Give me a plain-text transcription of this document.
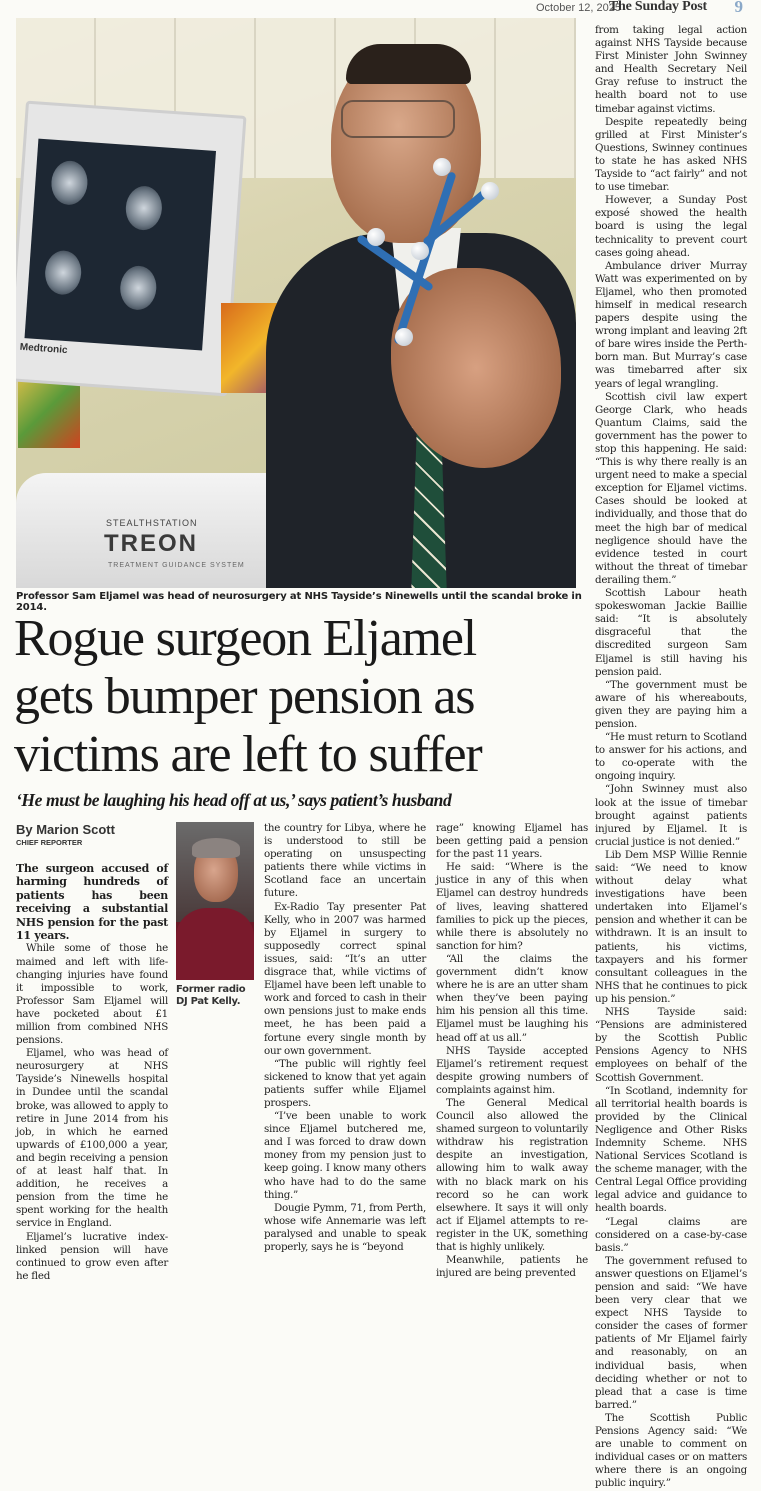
October 12, 2025
The Sunday Post 9
Medtronic
STEALTHSTATION
TREON
TREATMENT GUIDANCE SYSTEM
Professor Sam Eljamel was head of neurosurgery at NHS Tayside’s Ninewells until the scandal broke in 2014.
Rogue surgeon Eljamel
gets bumper pension as
victims are left to suffer
‘He must be laughing his head off at us,’ says patient’s husband
By Marion Scott
CHIEF REPORTER

The surgeon accused of harming hundreds of patients has been receiving a substantial NHS pension for the past 11 years.

While some of those he maimed and left with life-changing injuries have found it impossible to work, Professor Sam Eljamel will have pocketed about £1 million from combined NHS pensions.

Eljamel, who was head of neurosurgery at NHS Tayside’s Ninewells hospital in Dundee until the scandal broke, was allowed to apply to retire in June 2014 from his job, in which he earned upwards of £100,000 a year, and begin receiving a pension of at least half that. In addition, he receives a pension from the time he spent working for the health service in England.

Eljamel’s lucrative index-linked pension will have continued to grow even after he fled

Former radio DJ Pat Kelly.

the country for Libya, where he is understood to still be operating on unsuspecting patients there while victims in Scotland face an uncertain future.

Ex-Radio Tay presenter Pat Kelly, who in 2007 was harmed by Eljamel in surgery to supposedly correct spinal issues, said: “It’s an utter disgrace that, while victims of Eljamel have been left unable to work and forced to cash in their own pensions just to make ends meet, he has been paid a fortune every single month by our own government.

“The public will rightly feel sickened to know that yet again patients suffer while Eljamel prospers.

“I’ve been unable to work since Eljamel butchered me, and I was forced to draw down money from my pension just to keep going. I know many others who have had to do the same thing.”

Dougie Pymm, 71, from Perth, whose wife Annemarie was left paralysed and unable to speak properly, says he is “beyond

rage” knowing Eljamel has been getting paid a pension for the past 11 years.

He said: “Where is the justice in any of this when Eljamel can destroy hundreds of lives, leaving shattered families to pick up the pieces, while there is absolutely no sanction for him?

“All the claims the government didn’t know where he is are an utter sham when they’ve been paying him his pension all this time. Eljamel must be laughing his head off at us all.”

NHS Tayside accepted Eljamel’s retirement request despite growing numbers of complaints against him.

The General Medical Council also allowed the shamed surgeon to voluntarily withdraw his registration despite an investigation, allowing him to walk away with no black mark on his record so he can work elsewhere. It says it will only act if Eljamel attempts to re-register in the UK, something that is highly unlikely.

Meanwhile, patients he injured are being prevented

from taking legal action against NHS Tayside because First Minister John Swinney and Health Secretary Neil Gray refuse to instruct the health board not to use timebar against victims.

Despite repeatedly being grilled at First Minister’s Questions, Swinney continues to state he has asked NHS Tayside to “act fairly” and not to use timebar.

However, a Sunday Post exposé showed the health board is using the legal technicality to prevent court cases going ahead.

Ambulance driver Murray Watt was experimented on by Eljamel, who then promoted himself in medical research papers despite using the wrong implant and leaving 2ft of bare wires inside the Perth-born man. But Murray’s case was timebarred after six years of legal wrangling.

Scottish civil law expert George Clark, who heads Quantum Claims, said the government has the power to stop this happening. He said: “This is why there really is an urgent need to make a special exception for Eljamel victims. Cases should be looked at individually, and those that do meet the high bar of medical negligence should have the evidence tested in court without the threat of timebar derailing them.”

Scottish Labour heath spokeswoman Jackie Baillie said: “It is absolutely disgraceful that the discredited surgeon Sam Eljamel is still having his pension paid.

“The government must be aware of his whereabouts, given they are paying him a pension.

“He must return to Scotland to answer for his actions, and to co-operate with the ongoing inquiry.

“John Swinney must also look at the issue of timebar brought against patients injured by Eljamel. It is crucial justice is not denied.”

Lib Dem MSP Willie Rennie said: “We need to know without delay what investigations have been undertaken into Eljamel’s pension and whether it can be withdrawn. It is an insult to patients, his victims, taxpayers and his former consultant colleagues in the NHS that he continues to pick up his pension.”

NHS Tayside said: “Pensions are administered by the Scottish Public Pensions Agency to NHS employees on behalf of the Scottish Government.

“In Scotland, indemnity for all territorial health boards is provided by the Clinical Negligence and Other Risks Indemnity Scheme. NHS National Services Scotland is the scheme manager, with the Central Legal Office providing legal advice and guidance to health boards.

“Legal claims are considered on a case-by-case basis.”

The government refused to answer questions on Eljamel’s pension and said: “We have been very clear that we expect NHS Tayside to consider the cases of former patients of Mr Eljamel fairly and reasonably, on an individual basis, when deciding whether or not to plead that a case is time barred.”

The Scottish Public Pensions Agency said: “We are unable to comment on individual cases or on matters where there is an ongoing public inquiry.”
